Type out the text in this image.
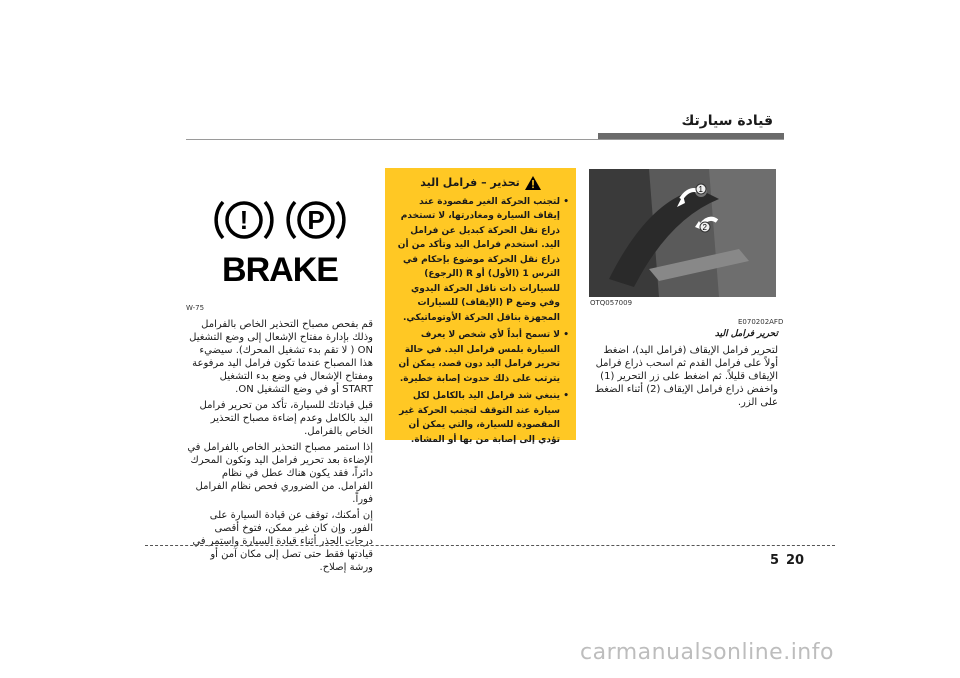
قيادة سيارتك
1
2
OTQ057009
E070202AFD

تحرير فرامل اليد

لتحرير فرامل الإيقاف (فرامل اليد)، اضغط أولاً على فرامل القدم ثم اسحب ذراع فرامل الإيقاف قليلاً. ثم اضغط على زر التحرير (1) واخفض ذراع فرامل الإيقاف (2) أثناء الضغط على الزر.

تحذير – فرامل اليد
• لتجنب الحركة الغير مقصودة عند إيقاف السيارة ومغادرتها، لا تستخدم ذراع نقل الحركة كبديل عن فرامل اليد. استخدم فرامل اليد وتأكد من أن ذراع نقل الحركة موضوع بإحكام في الترس 1 (الأول) أو R (الرجوع) للسيارات ذات ناقل الحركة اليدوي وفي وضع P (الإيقاف) للسيارات المجهزة بناقل الحركة الأوتوماتيكي.
• لا تسمح أبداً لأي شخص لا يعرف السيارة بلمس فرامل اليد. في حالة تحرير فرامل اليد دون قصد، يمكن أن يترتب على ذلك حدوث إصابة خطيرة.
• ينبغي شد فرامل اليد بالكامل لكل سيارة عند التوقف لتجنب الحركة غير المقصودة للسيارة، والتي يمكن أن تؤدي إلى إصابة من بها أو المشاة.
! P
BRAKE
W-75

قم بفحص مصباح التحذير الخاص بالفرامل وذلك بإدارة مفتاح الإشعال إلى وضع التشغيل ON ( لا تقم بدء تشغيل المحرك). سيضيء هذا المصباح عندما تكون فرامل اليد مرفوعة ومفتاح الإشعال في وضع بدء التشغيل START أو في وضع التشغيل ON.

قبل قيادتك للسيارة، تأكد من تحرير فرامل اليد بالكامل وعدم إضاءة مصباح التحذير الخاص بالفرامل.

إذا استمر مصباح التحذير الخاص بالفرامل في الإضاءة بعد تحرير فرامل اليد وتكون المحرك دائراً، فقد يكون هناك عطل في نظام الفرامل. من الضروري فحص نظام الفرامل فوراً.

إن أمكنك، توقف عن قيادة السيارة على الفور. وإن كان غير ممكن، فتوخ أقصى درجات الحذر أثناء قيادة السيارة واستمر في قيادتها فقط حتى تصل إلى مكان آمن أو ورشة إصلاح.	5 20
carmanualsonline.info
